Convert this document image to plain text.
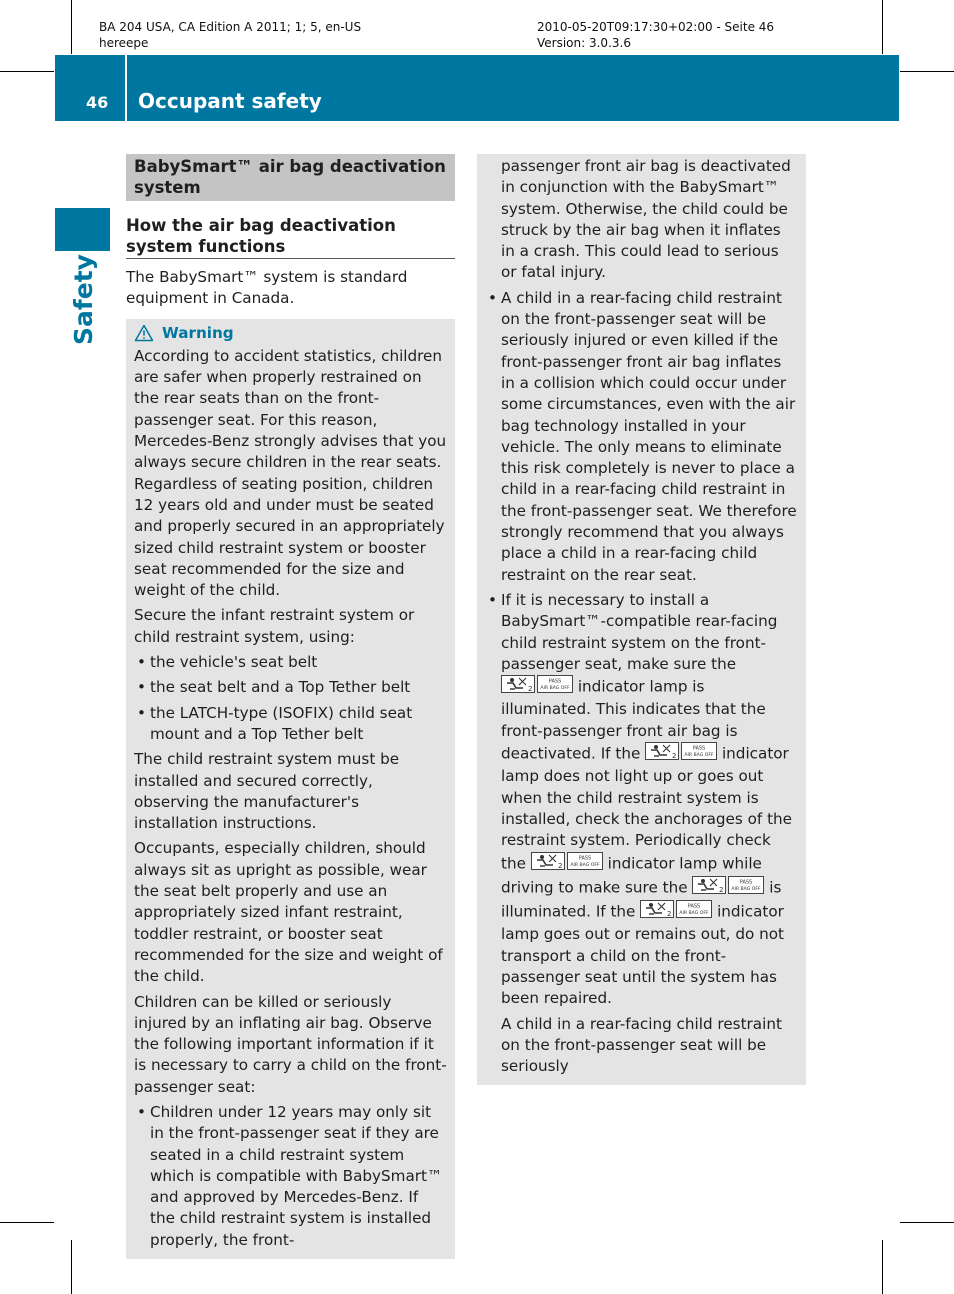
BA 204 USA, CA Edition A 2011; 1; 5, en-US
hereepe
2010-05-20T09:17:30+02:00 - Seite 46
Version: 3.0.3.6
46 Occupant safety
Safety
BabySmart™ air bag deactivation system
How the air bag deactivation system functions

The BabySmart™ system is standard equipment in Canada.

Warning

According to accident statistics, children are safer when properly restrained on the rear seats than on the front-passenger seat. For this reason, Mercedes-Benz strongly advises that you always secure children in the rear seats. Regardless of seating position, children 12 years old and under must be seated and properly secured in an appropriately sized child restraint system or booster seat recommended for the size and weight of the child.

Secure the infant restraint system or child restraint system, using:

• the vehicle's seat belt
• the seat belt and a Top Tether belt
• the LATCH-type (ISOFIX) child seat mount and a Top Tether belt

The child restraint system must be installed and secured correctly, observing the manufacturer's installation instructions.

Occupants, especially children, should always sit as upright as possible, wear the seat belt properly and use an appropriately sized infant restraint, toddler restraint, or booster seat recommended for the size and weight of the child.

Children can be killed or seriously injured by an inflating air bag. Observe the following important information if it is necessary to carry a child on the front-passenger seat:

• Children under 12 years may only sit in the front-passenger seat if they are seated in a child restraint system which is compatible with BabySmart™ and approved by Mercedes-Benz. If the child restraint system is installed properly, the front-

passenger front air bag is deactivated in conjunction with the BabySmart™ system. Otherwise, the child could be struck by the air bag when it inflates in a crash. This could lead to serious or fatal injury.

• A child in a rear-facing child restraint on the front-passenger seat will be seriously injured or even killed if the front-passenger front air bag inflates in a collision which could occur under some circumstances, even with the air bag technology installed in your vehicle. The only means to eliminate this risk completely is never to place a child in a rear-facing child restraint in the front-passenger seat. We therefore strongly recommend that you always place a child in a rear-facing child restraint on the rear seat.
• If it is necessary to install a BabySmart™-compatible rear-facing child restraint system on the front-passenger seat, make sure the
2
PASS
AIR BAG OFF indicator lamp is illuminated. This indicates that the front-passenger front air bag is deactivated. If the	2
PASS
AIR BAG OFF indicator lamp does not light up or goes out when the child restraint system is installed, check the anchorages of the restraint system. Periodically check the	2
PASS
AIR BAG OFF indicator lamp while driving to make sure the	2
PASS
AIR BAG OFF is illuminated. If the	2
PASS
AIR BAG OFF indicator lamp goes out or remains out, do not transport a child on the front-passenger seat until the system has been repaired.

A child in a rear-facing child restraint on the front-passenger seat will be seriously
